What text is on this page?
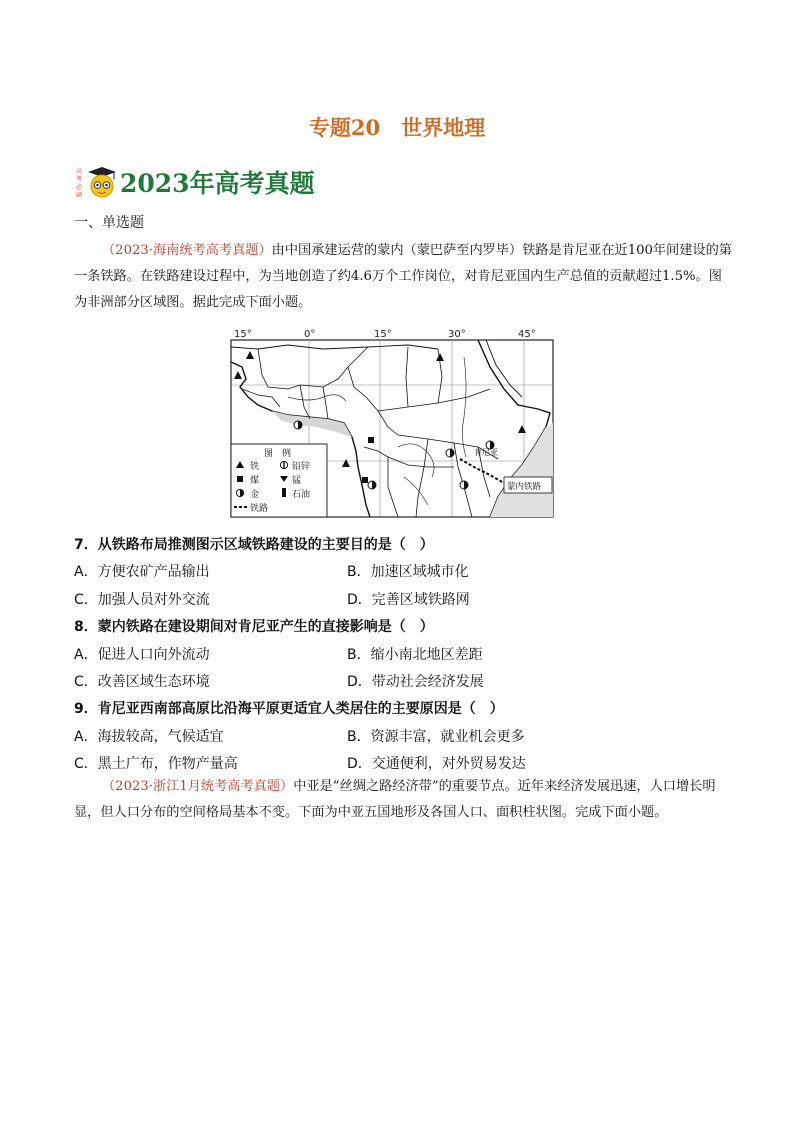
专题20　世界地理
高
考
必
刷 2023年高考真题
一、单选题
（2023·海南统考高考真题）由中国承建运营的蒙内（蒙巴萨至内罗毕）铁路是肯尼亚在近100年间建设的第一条铁路。在铁路建设过程中，为当地创造了约4.6万个工作岗位，对肯尼亚国内生产总值的贡献超过1.5%。图为非洲部分区域图。据此完成下面小题。
15°	0°	15°	30°	45°
肯尼亚
蒙内铁路
图　例
铁	铅锌
煤	锰
金	石油
铁路
7．从铁路布局推测图示区域铁路建设的主要目的是（　）
A．方便农矿产品输出	B．加速区域城市化
C．加强人员对外交流	D．完善区域铁路网
8．蒙内铁路在建设期间对肯尼亚产生的直接影响是（　）
A．促进人口向外流动	B．缩小南北地区差距
C．改善区域生态环境	D．带动社会经济发展
9．肯尼亚西南部高原比沿海平原更适宜人类居住的主要原因是（　）
A．海拔较高，气候适宜	B．资源丰富，就业机会更多
C．黑土广布，作物产量高	D．交通便利，对外贸易发达
（2023·浙江1月统考高考真题）中亚是“丝绸之路经济带”的重要节点。近年来经济发展迅速，人口增长明显，但人口分布的空间格局基本不变。下面为中亚五国地形及各国人口、面积柱状图。完成下面小题。
